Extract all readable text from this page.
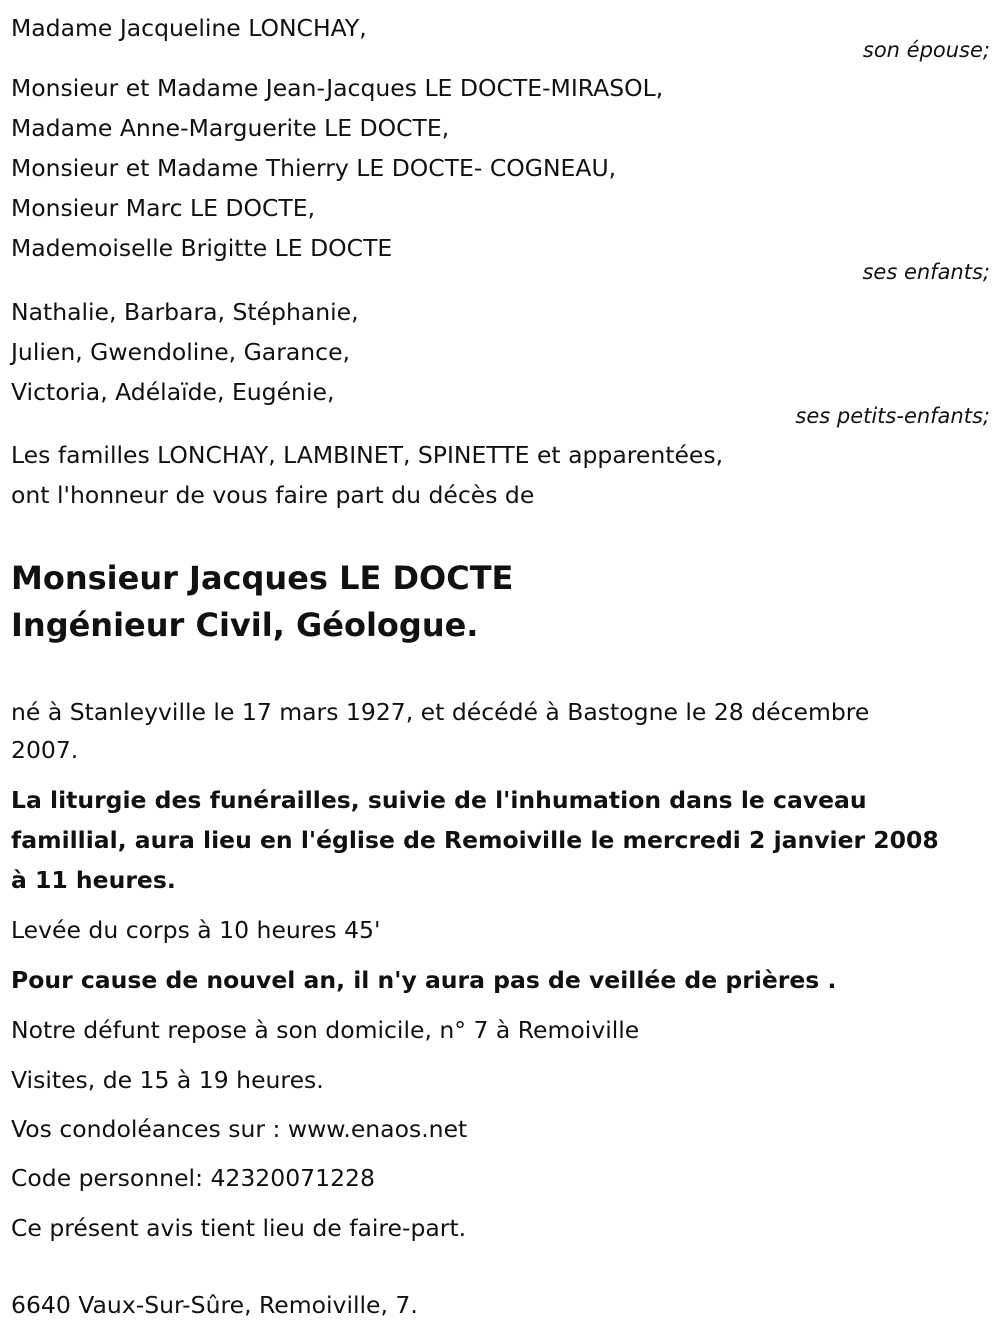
Madame Jacqueline LONCHAY,
son épouse;
Monsieur et Madame Jean-Jacques LE DOCTE-MIRASOL,
Madame Anne-Marguerite LE DOCTE,
Monsieur et Madame Thierry LE DOCTE- COGNEAU,
Monsieur Marc LE DOCTE,
Mademoiselle Brigitte LE DOCTE
ses enfants;
Nathalie, Barbara, Stéphanie,
Julien, Gwendoline, Garance,
Victoria, Adélaïde, Eugénie,
ses petits-enfants;
Les familles LONCHAY, LAMBINET, SPINETTE et apparentées,
ont l'honneur de vous faire part du décès de
Monsieur Jacques LE DOCTE
Ingénieur Civil, Géologue.
né à Stanleyville le 17 mars 1927, et décédé à Bastogne le 28 décembre
2007.
La liturgie des funérailles, suivie de l'inhumation dans le caveau
famillial, aura lieu en l'église de Remoiville le mercredi 2 janvier 2008
à 11 heures.
Levée du corps à 10 heures 45'
Pour cause de nouvel an, il n'y aura pas de veillée de prières .
Notre défunt repose à son domicile, n° 7 à Remoiville
Visites, de 15 à 19 heures.
Vos condoléances sur : www.enaos.net
Code personnel: 42320071228
Ce présent avis tient lieu de faire-part.
6640 Vaux-Sur-Sûre, Remoiville, 7.
